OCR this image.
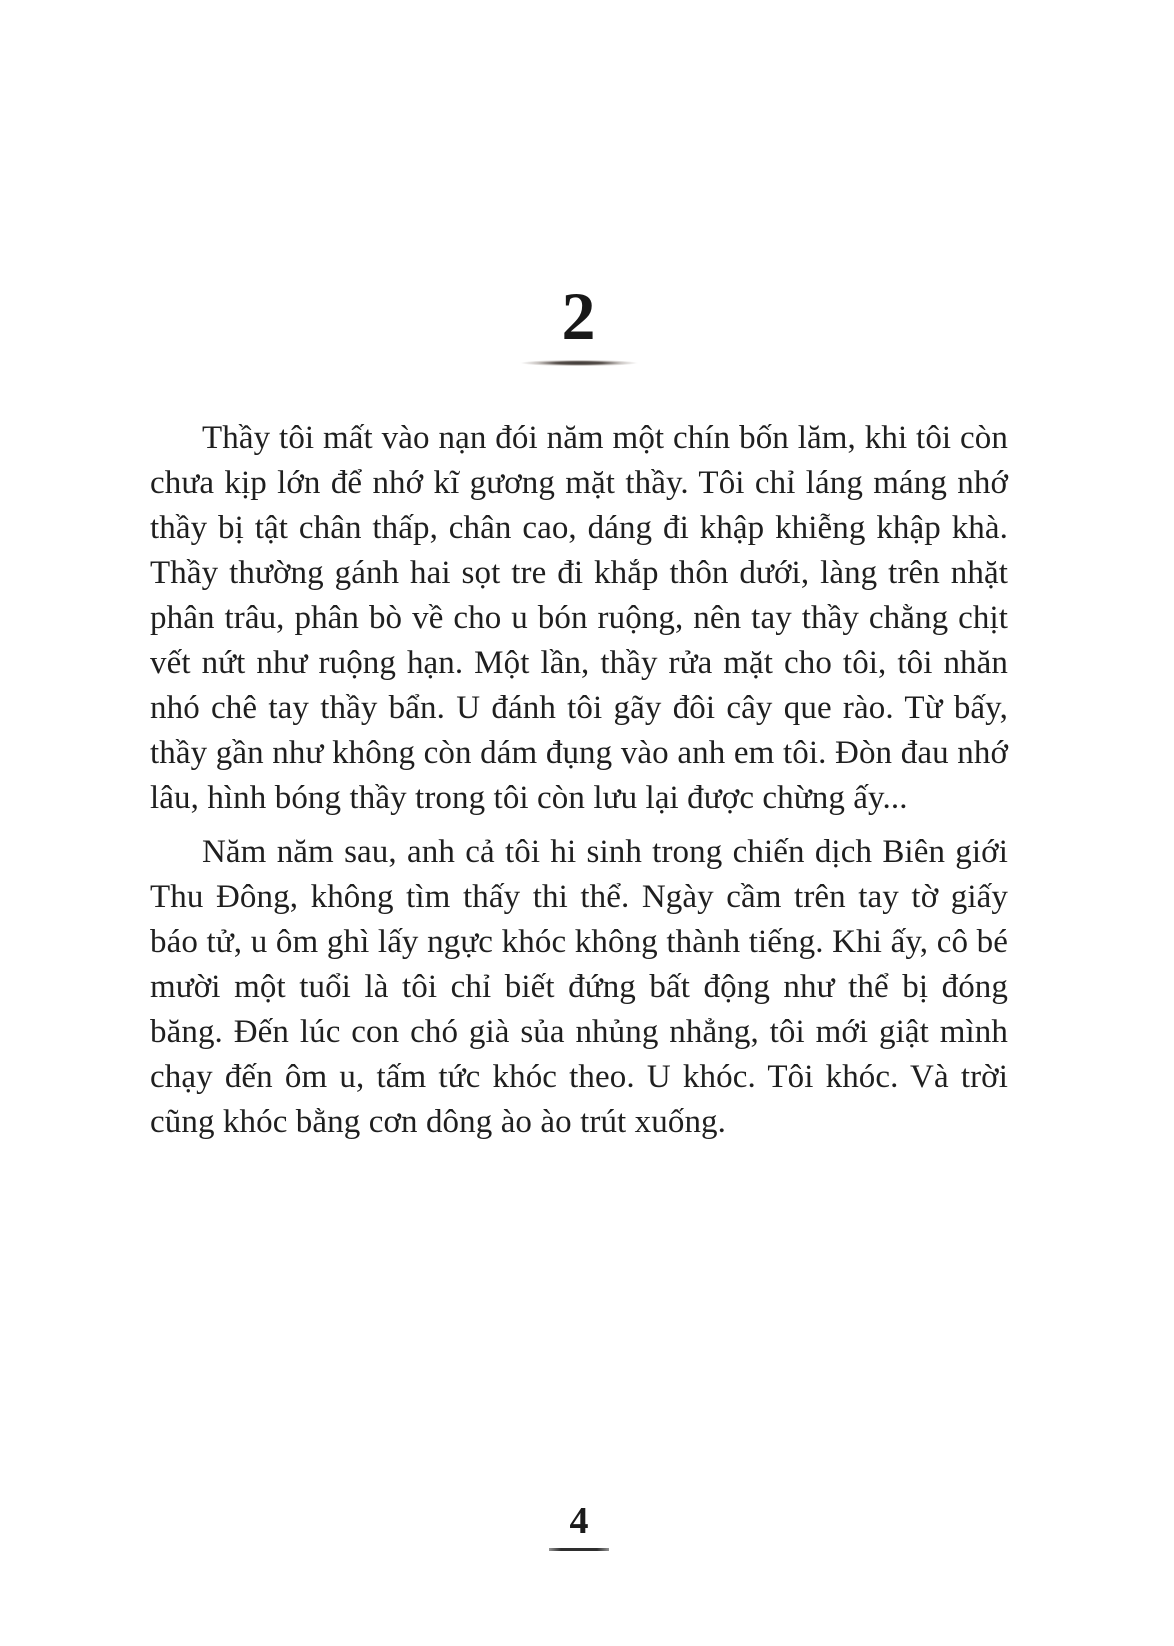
2

Thầy tôi mất vào nạn đói năm một chín bốn lăm, khi tôi còn chưa kịp lớn để nhớ kĩ gương mặt thầy. Tôi chỉ láng máng nhớ thầy bị tật chân thấp, chân cao, dáng đi khập khiễng khập khà. Thầy thường gánh hai sọt tre đi khắp thôn dưới, làng trên nhặt phân trâu, phân bò về cho u bón ruộng, nên tay thầy chằng chịt vết nứt như ruộng hạn. Một lần, thầy rửa mặt cho tôi, tôi nhăn nhó chê tay thầy bẩn. U đánh tôi gãy đôi cây que rào. Từ bấy, thầy gần như không còn dám đụng vào anh em tôi. Đòn đau nhớ lâu, hình bóng thầy trong tôi còn lưu lại được chừng ấy...

Năm năm sau, anh cả tôi hi sinh trong chiến dịch Biên giới Thu Đông, không tìm thấy thi thể. Ngày cầm trên tay tờ giấy báo tử, u ôm ghì lấy ngực khóc không thành tiếng. Khi ấy, cô bé mười một tuổi là tôi chỉ biết đứng bất động như thể bị đóng băng. Đến lúc con chó già sủa nhủng nhẳng, tôi mới giật mình chạy đến ôm u, tấm tức khóc theo. U khóc. Tôi khóc. Và trời cũng khóc bằng cơn dông ào ào trút xuống.

4
